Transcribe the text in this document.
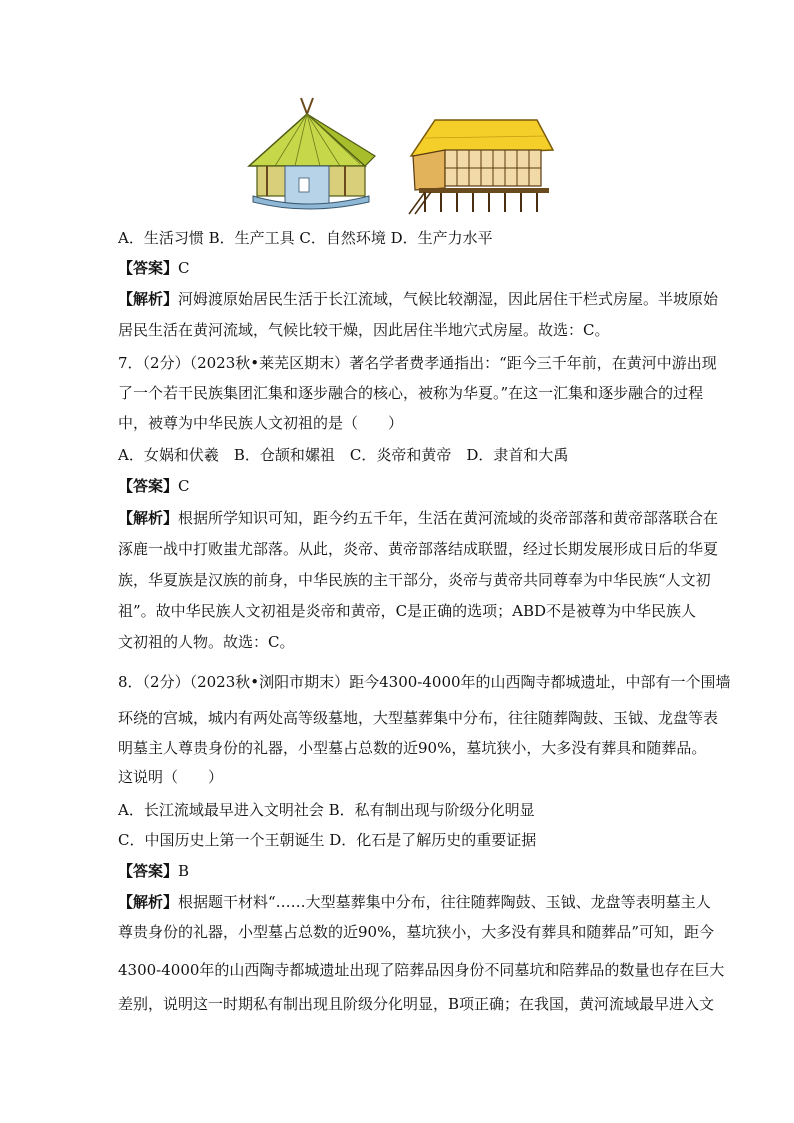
A．生活习惯 B．生产工具 C．自然环境 D．生产力水平
【答案】C
【解析】河姆渡原始居民生活于长江流域，气候比较潮湿，因此居住干栏式房屋。半坡原始
居民生活在黄河流域，气候比较干燥，因此居住半地穴式房屋。故选：C。
7．（2分）（2023秋•莱芜区期末）著名学者费孝通指出：“距今三千年前，在黄河中游出现
了一个若干民族集团汇集和逐步融合的核心，被称为华夏。”在这一汇集和逐步融合的过程
中，被尊为中华民族人文初祖的是（　　）
A．女娲和伏羲　B．仓颉和嫘祖　C．炎帝和黄帝　D．隶首和大禹
【答案】C
【解析】根据所学知识可知，距今约五千年，生活在黄河流域的炎帝部落和黄帝部落联合在
涿鹿一战中打败蚩尤部落。从此，炎帝、黄帝部落结成联盟，经过长期发展形成日后的华夏
族，华夏族是汉族的前身，中华民族的主干部分，炎帝与黄帝共同尊奉为中华民族“人文初
祖”。故中华民族人文初祖是炎帝和黄帝，C是正确的选项；ABD不是被尊为中华民族人
文初祖的人物。故选：C。
8．（2分）（2023秋•浏阳市期末）距今4300-4000年的山西陶寺都城遗址，中部有一个围墙
环绕的宫城，城内有两处高等级墓地，大型墓葬集中分布，往往随葬陶鼓、玉钺、龙盘等表
明墓主人尊贵身份的礼器，小型墓占总数的近90%，墓坑狭小，大多没有葬具和随葬品。
这说明（　　）
A．长江流域最早进入文明社会 B．私有制出现与阶级分化明显
C．中国历史上第一个王朝诞生 D．化石是了解历史的重要证据
【答案】B
【解析】根据题干材料“……大型墓葬集中分布，往往随葬陶鼓、玉钺、龙盘等表明墓主人
尊贵身份的礼器，小型墓占总数的近90%，墓坑狭小，大多没有葬具和随葬品”可知，距今
4300-4000年的山西陶寺都城遗址出现了陪葬品因身份不同墓坑和陪葬品的数量也存在巨大
差别，说明这一时期私有制出现且阶级分化明显，B项正确；在我国，黄河流域最早进入文
